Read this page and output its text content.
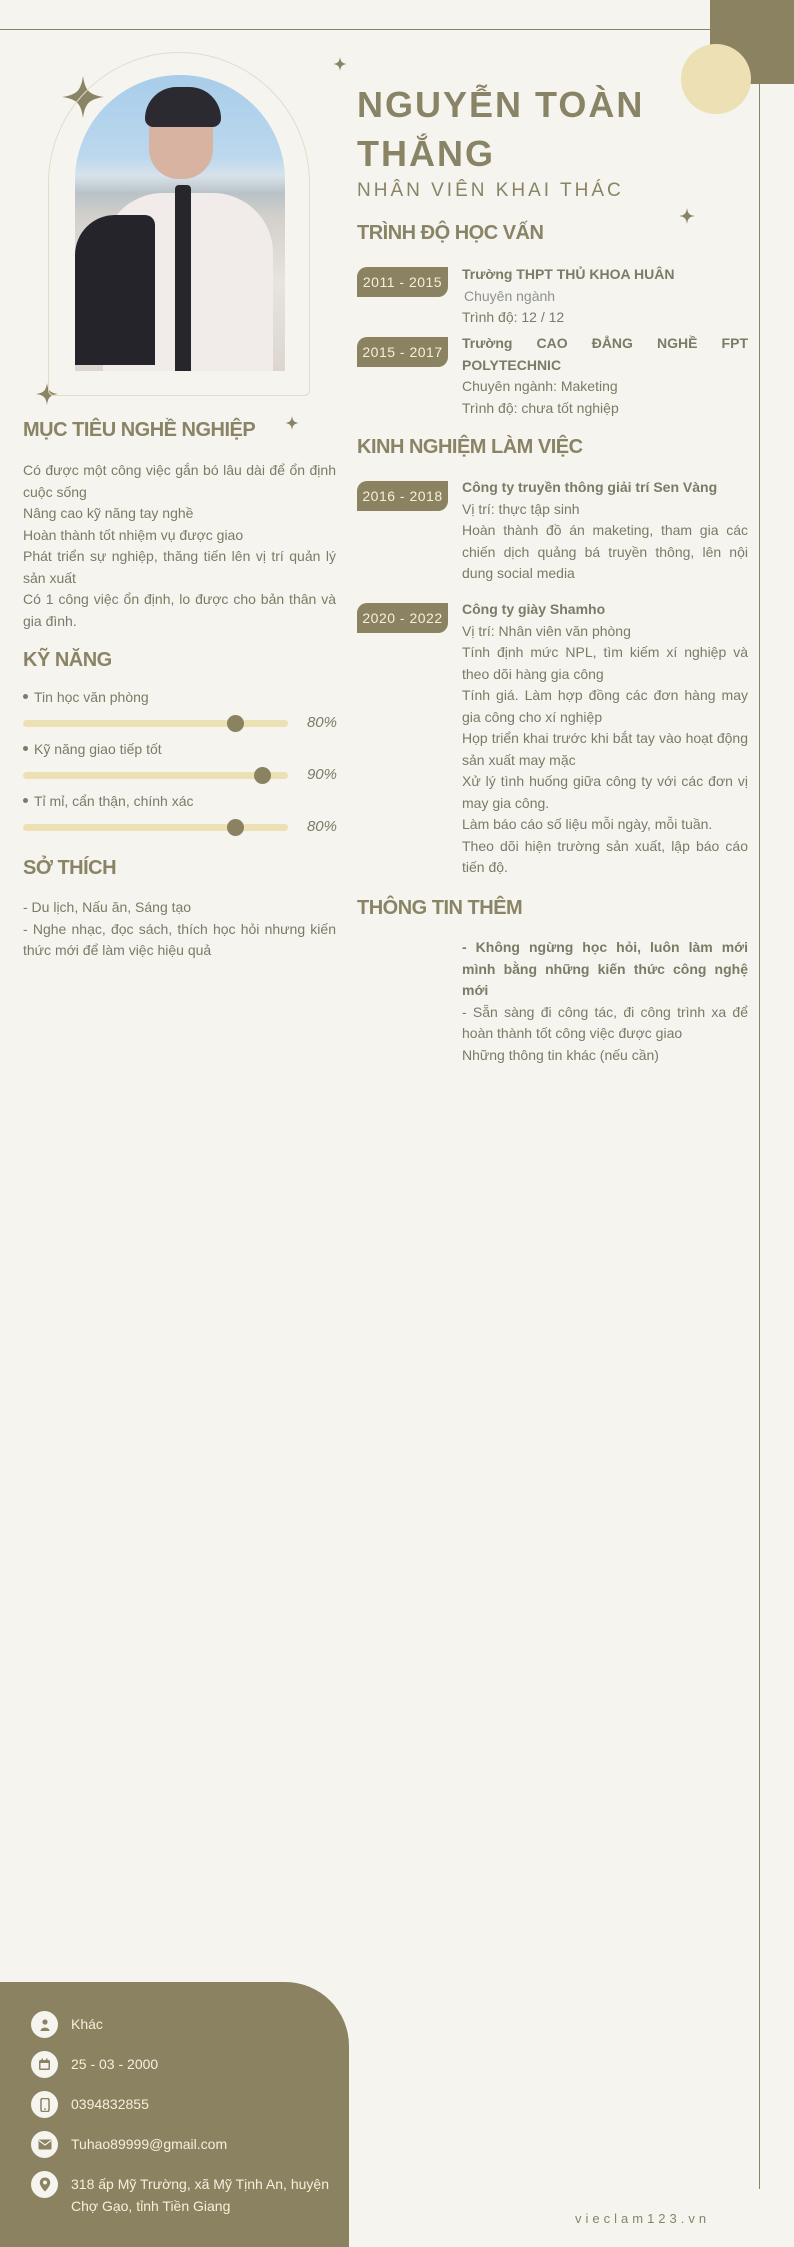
NGUYỄN TOÀN THẮNG
NHÂN VIÊN KHAI THÁC
MỤC TIÊU NGHỀ NGHIỆP
Có được một công việc gắn bó lâu dài để ổn định cuộc sống
Nâng cao kỹ năng tay nghề
Hoàn thành tốt nhiệm vụ được giao
Phát triển sự nghiệp, thăng tiến lên vị trí quản lý sản xuất
Có 1 công việc ổn định, lo được cho bản thân và gia đình.
KỸ NĂNG
Tin học văn phòng
80%
Kỹ năng giao tiếp tốt
90%
Tỉ mỉ, cẩn thận, chính xác
80%
SỞ THÍCH
- Du lịch, Nấu ăn, Sáng tạo
- Nghe nhạc, đọc sách, thích học hỏi nhưng kiến thức mới để làm việc hiệu quả
TRÌNH ĐỘ HỌC VẤN
2011 - 2015	Trường THPT THỦ KHOA HUÂN
Chuyên ngành
Trình độ: 12 / 12
2015 - 2017
Trường CAO ĐẲNG NGHỀ FPT POLYTECHNIC
Chuyên ngành: Maketing
Trình độ: chưa tốt nghiệp
KINH NGHIỆM LÀM VIỆC
2016 - 2018
Công ty truyền thông giải trí Sen Vàng
Vị trí: thực tập sinh
Hoàn thành đồ án maketing, tham gia các chiến dịch quảng bá truyền thông, lên nội dung social media
2020 - 2022
Công ty giày Shamho
Vị trí: Nhân viên văn phòng
Tính định mức NPL, tìm kiếm xí nghiệp và theo dõi hàng gia công
Tính giá. Làm hợp đồng các đơn hàng may gia công cho xí nghiệp
Họp triển khai trước khi bắt tay vào hoạt động sản xuất may mặc
Xử lý tình huống giữa công ty với các đơn vị may gia công.
Làm báo cáo số liệu mỗi ngày, mỗi tuần.
Theo dõi hiện trường sản xuất, lập báo cáo tiến độ.
THÔNG TIN THÊM
- Không ngừng học hỏi, luôn làm mới mình bằng những kiến thức công nghệ mới
- Sẵn sàng đi công tác, đi công trình xa để hoàn thành tốt công việc được giao
Những thông tin khác (nếu cần)
Khác
25 - 03 - 2000
0394832855
Tuhao89999@gmail.com
318 ấp Mỹ Trường, xã Mỹ Tịnh An, huyện Chợ Gạo, tỉnh Tiền Giang
vieclam123.vn
